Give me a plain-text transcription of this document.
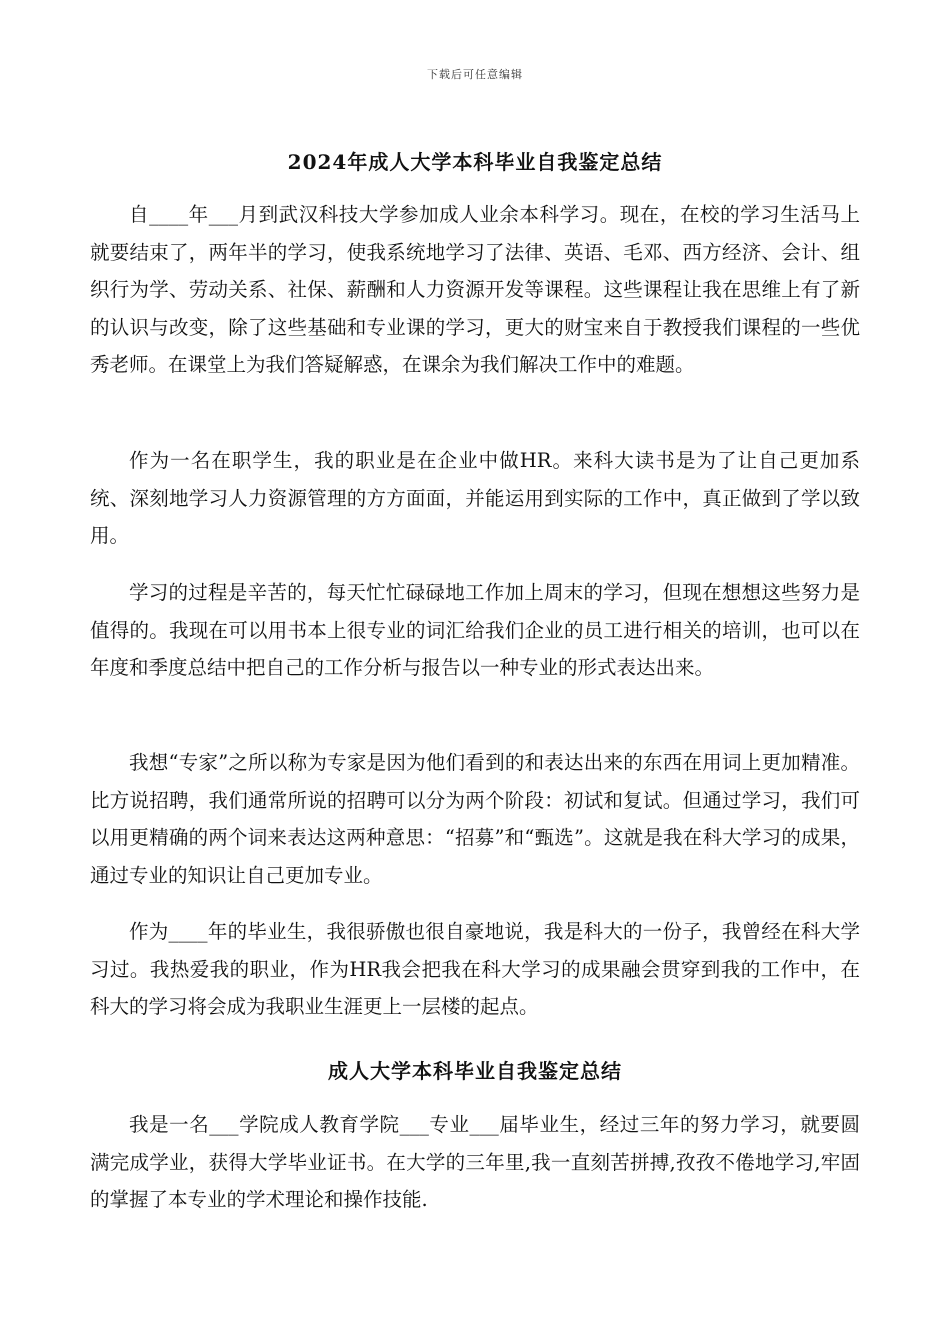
下载后可任意编辑
2024年成人大学本科毕业自我鉴定总结

自____年___月到武汉科技大学参加成人业余本科学习。现在，在校的学习生活马上就要结束了，两年半的学习，使我系统地学习了法律、英语、毛邓、西方经济、会计、组织行为学、劳动关系、社保、薪酬和人力资源开发等课程。这些课程让我在思维上有了新的认识与改变，除了这些基础和专业课的学习，更大的财宝来自于教授我们课程的一些优秀老师。在课堂上为我们答疑解惑，在课余为我们解决工作中的难题。

作为一名在职学生，我的职业是在企业中做HR。来科大读书是为了让自己更加系统、深刻地学习人力资源管理的方方面面，并能运用到实际的工作中，真正做到了学以致用。

学习的过程是辛苦的，每天忙忙碌碌地工作加上周末的学习，但现在想想这些努力是值得的。我现在可以用书本上很专业的词汇给我们企业的员工进行相关的培训，也可以在年度和季度总结中把自己的工作分析与报告以一种专业的形式表达出来。

我想“专家”之所以称为专家是因为他们看到的和表达出来的东西在用词上更加精准。比方说招聘，我们通常所说的招聘可以分为两个阶段：初试和复试。但通过学习，我们可以用更精确的两个词来表达这两种意思：“招募”和“甄选”。这就是我在科大学习的成果，通过专业的知识让自己更加专业。

作为____年的毕业生，我很骄傲也很自豪地说，我是科大的一份子，我曾经在科大学习过。我热爱我的职业，作为HR我会把我在科大学习的成果融会贯穿到我的工作中，在科大的学习将会成为我职业生涯更上一层楼的起点。

成人大学本科毕业自我鉴定总结

我是一名___学院成人教育学院___专业___届毕业生，经过三年的努力学习，就要圆满完成学业，获得大学毕业证书。在大学的三年里,我一直刻苦拼搏,孜孜不倦地学习,牢固的掌握了本专业的学术理论和操作技能.
